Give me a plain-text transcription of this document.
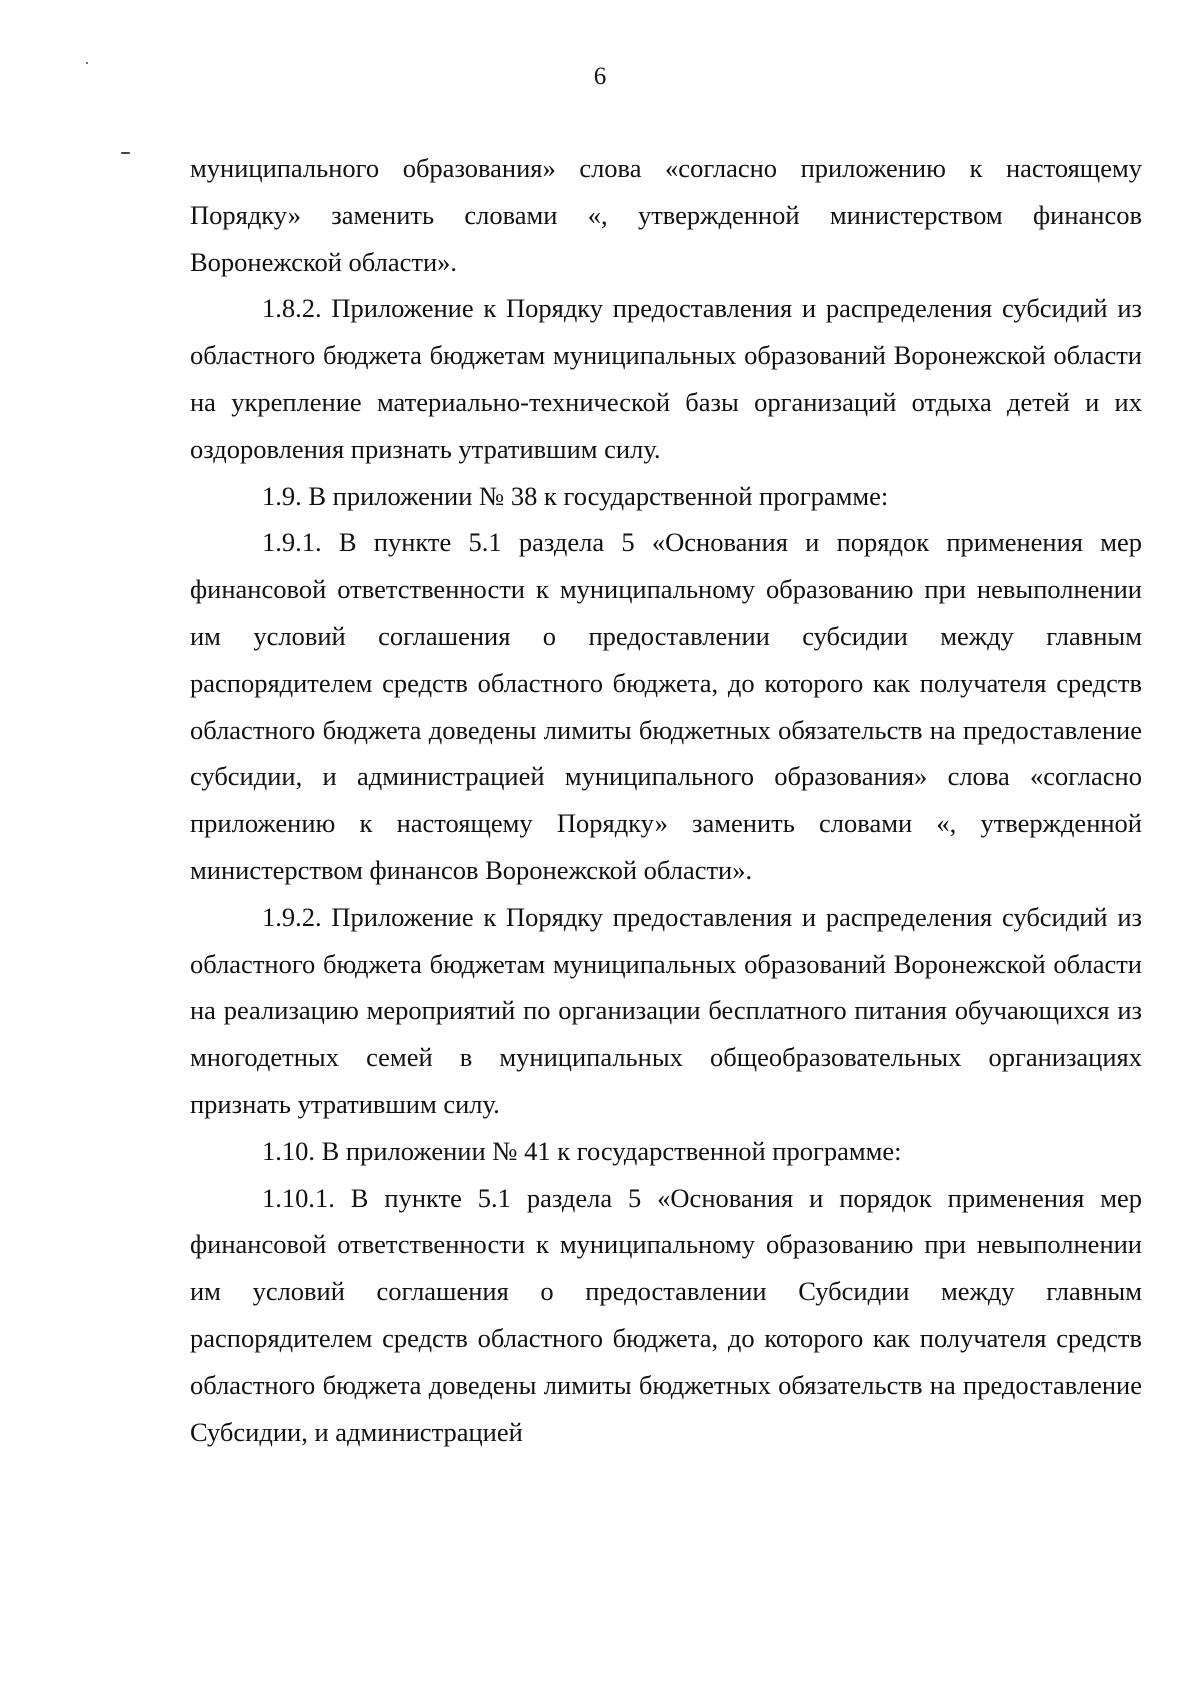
6

муниципального образования» слова «согласно приложению к настоящему Порядку» заменить словами «, утвержденной министерством финансов Воронежской области».

1.8.2. Приложение к Порядку предоставления и распределения субсидий из областного бюджета бюджетам муниципальных образований Воронежской области на укрепление материально-технической базы организаций отдыха детей и их оздоровления признать утратившим силу.

1.9. В приложении № 38 к государственной программе:

1.9.1. В пункте 5.1 раздела 5 «Основания и порядок применения мер финансовой ответственности к муниципальному образованию при невыполнении им условий соглашения о предоставлении субсидии между главным распорядителем средств областного бюджета, до которого как получателя средств областного бюджета доведены лимиты бюджетных обязательств на предоставление субсидии, и администрацией муниципального образования» слова «согласно приложению к настоящему Порядку» заменить словами «, утвержденной министерством финансов Воронежской области».

1.9.2. Приложение к Порядку предоставления и распределения субсидий из областного бюджета бюджетам муниципальных образований Воронежской области на реализацию мероприятий по организации бесплатного питания обучающихся из многодетных семей в муниципальных общеобразовательных организациях признать утратившим силу.

1.10. В приложении № 41 к государственной программе:

1.10.1. В пункте 5.1 раздела 5 «Основания и порядок применения мер финансовой ответственности к муниципальному образованию при невыполнении им условий соглашения о предоставлении Субсидии между главным распорядителем средств областного бюджета, до которого как получателя средств областного бюджета доведены лимиты бюджетных обязательств на предоставление Субсидии, и администрацией
